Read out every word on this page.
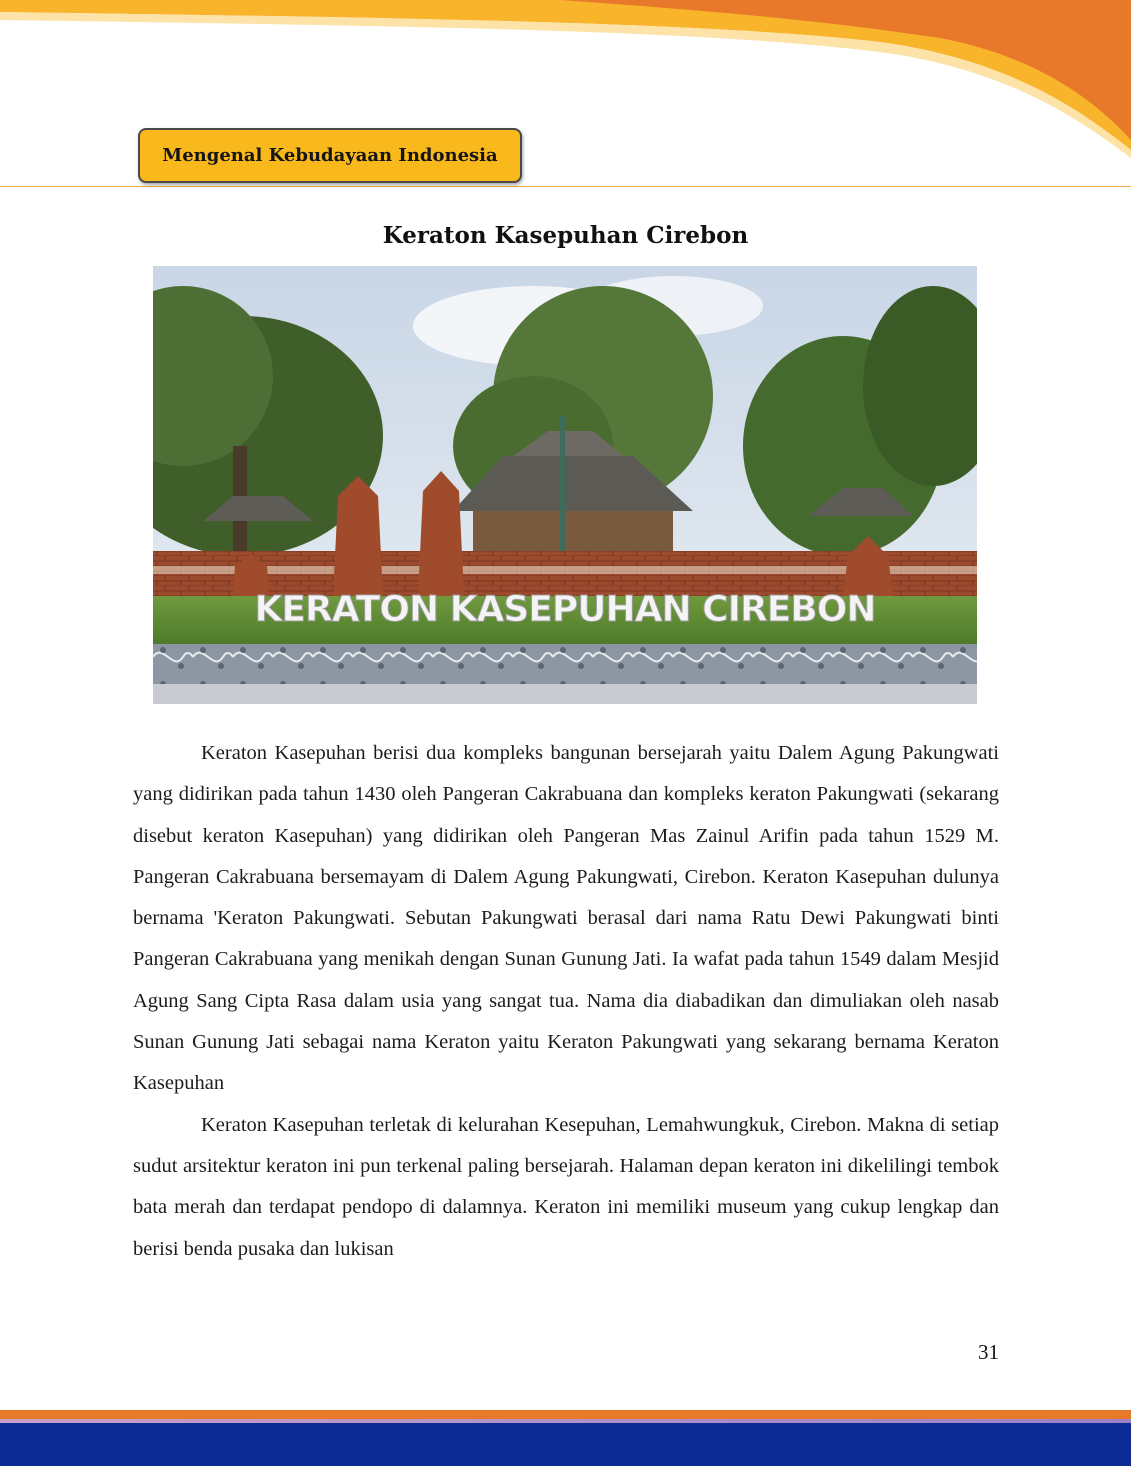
Mengenal Kebudayaan Indonesia
Keraton Kasepuhan Cirebon
KERATON KASEPUHAN CIREBON

Keraton Kasepuhan berisi dua kompleks bangunan bersejarah yaitu Dalem Agung Pakungwati yang didirikan pada tahun 1430 oleh Pangeran Cakrabuana dan kompleks keraton Pakungwati (sekarang disebut keraton Kasepuhan) yang didirikan oleh Pangeran Mas Zainul Arifin pada tahun 1529 M. Pangeran Cakrabuana bersemayam di Dalem Agung Pakungwati, Cirebon. Keraton Kasepuhan dulunya bernama 'Keraton Pakungwati. Sebutan Pakungwati berasal dari nama Ratu Dewi Pakungwati binti Pangeran Cakrabuana yang menikah dengan Sunan Gunung Jati. Ia wafat pada tahun 1549 dalam Mesjid Agung Sang Cipta Rasa dalam usia yang sangat tua. Nama dia diabadikan dan dimuliakan oleh nasab Sunan Gunung Jati sebagai nama Keraton yaitu Keraton Pakungwati yang sekarang bernama Keraton Kasepuhan

Keraton Kasepuhan terletak di kelurahan Kesepuhan, Lemahwungkuk, Cirebon. Makna di setiap sudut arsitektur keraton ini pun terkenal paling bersejarah. Halaman depan keraton ini dikelilingi tembok bata merah dan terdapat pendopo di dalamnya. Keraton ini memiliki museum yang cukup lengkap dan berisi benda pusaka dan lukisan

31
